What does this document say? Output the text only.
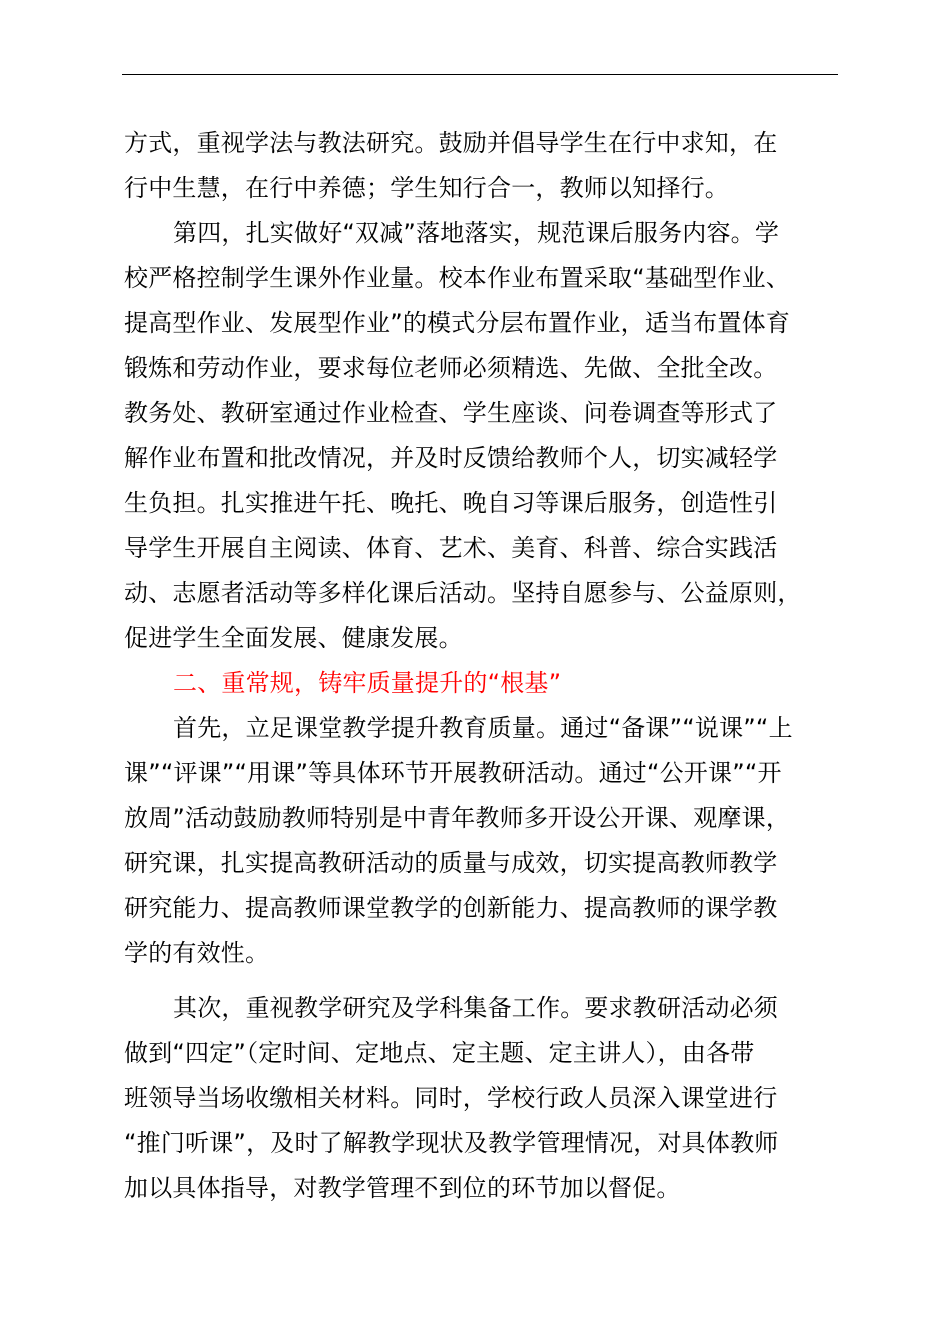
方式，重视学法与教法研究。鼓励并倡导学生在行中求知，在
行中生慧，在行中养德；学生知行合一，教师以知择行。
第四，扎实做好“双减”落地落实，规范课后服务内容。学
校严格控制学生课外作业量。校本作业布置采取“基础型作业、
提高型作业、发展型作业”的模式分层布置作业，适当布置体育
锻炼和劳动作业，要求每位老师必须精选、先做、全批全改。
教务处、教研室通过作业检查、学生座谈、问卷调查等形式了
解作业布置和批改情况，并及时反馈给教师个人，切实减轻学
生负担。扎实推进午托、晚托、晚自习等课后服务，创造性引
导学生开展自主阅读、体育、艺术、美育、科普、综合实践活
动、志愿者活动等多样化课后活动。坚持自愿参与、公益原则，
促进学生全面发展、健康发展。
二、重常规，铸牢质量提升的“根基”
首先，立足课堂教学提升教育质量。通过“备课”“说课”“上
课”“评课”“用课”等具体环节开展教研活动。通过“公开课”“开
放周”活动鼓励教师特别是中青年教师多开设公开课、观摩课，
研究课，扎实提高教研活动的质量与成效，切实提高教师教学
研究能力、提高教师课堂教学的创新能力、提高教师的课学教
学的有效性。
其次，重视教学研究及学科集备工作。要求教研活动必须
做到“四定”（定时间、定地点、定主题、定主讲人），由各带
班领导当场收缴相关材料。同时，学校行政人员深入课堂进行
“推门听课”，及时了解教学现状及教学管理情况，对具体教师
加以具体指导，对教学管理不到位的环节加以督促。
